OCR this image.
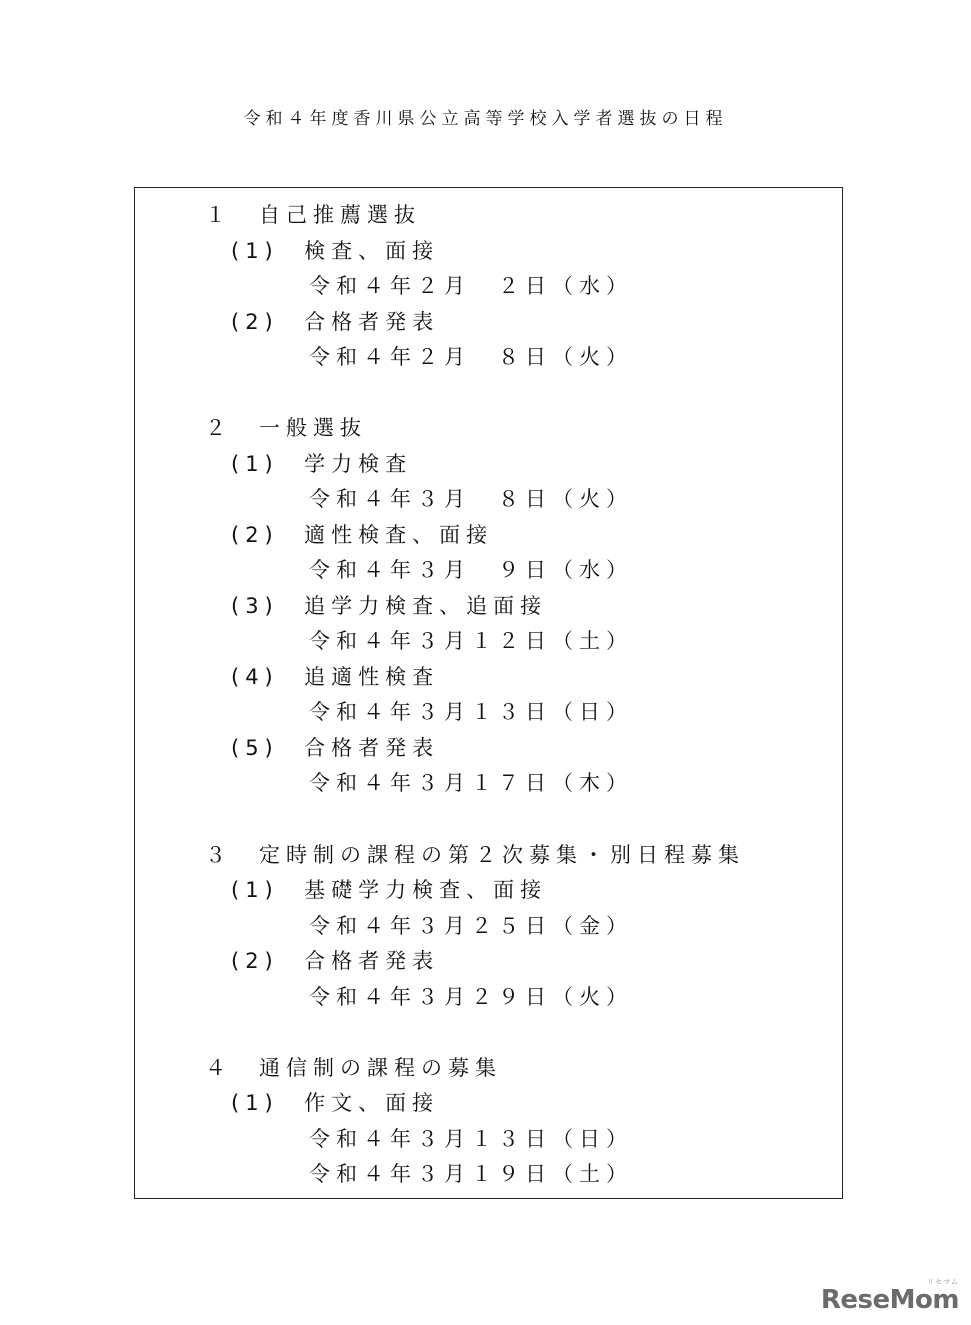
令和４年度香川県公立高等学校入学者選抜の日程
１　自己推薦選抜
(1)  検査、面接
令和４年２月　２日（水）
(2)  合格者発表
令和４年２月　８日（火）
２　一般選抜
(1)  学力検査
令和４年３月　８日（火）
(2)  適性検査、面接
令和４年３月　９日（水）
(3)  追学力検査、追面接
令和４年３月１２日（土）
(4)  追適性検査
令和４年３月１３日（日）
(5)  合格者発表
令和４年３月１７日（木）
３　定時制の課程の第２次募集・別日程募集
(1)  基礎学力検査、面接
令和４年３月２５日（金）
(2)  合格者発表
令和４年３月２９日（火）
４　通信制の課程の募集
(1)  作文、面接
令和４年３月１３日（日）
令和４年３月１９日（土）
ReseMom
リセマム
